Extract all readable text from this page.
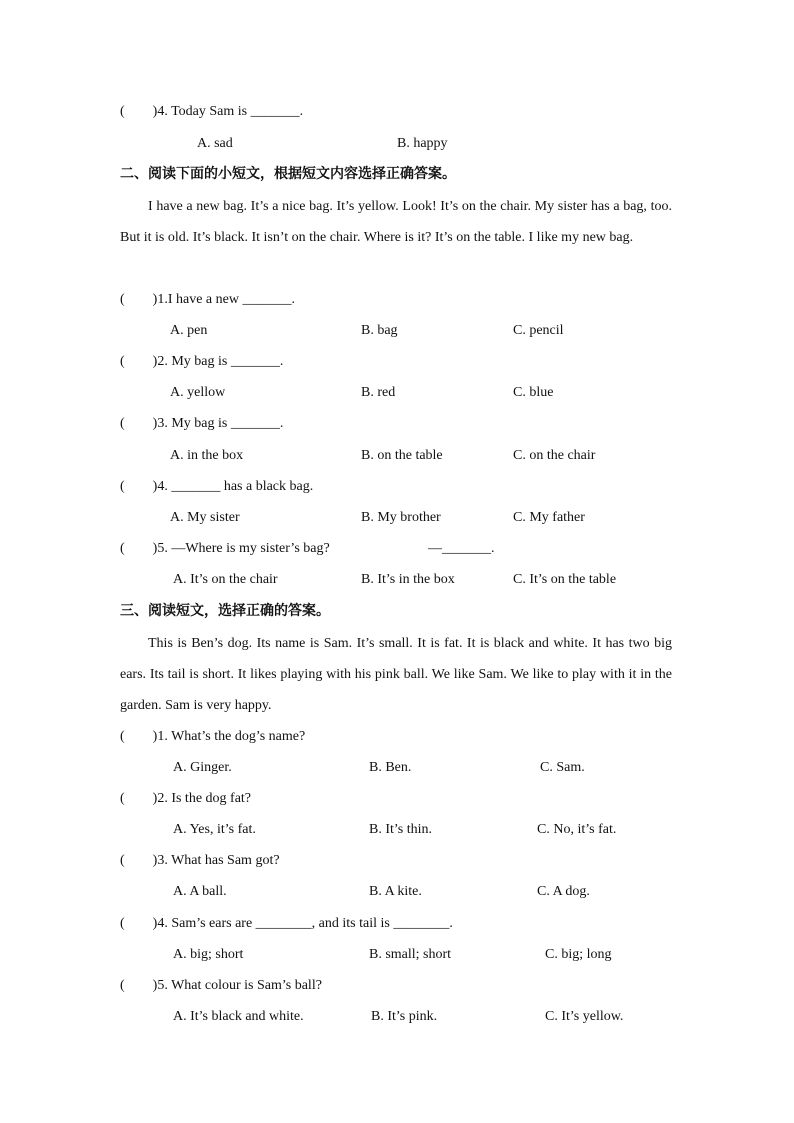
(　　)4. Today Sam is _______.
A. sad	B. happy
二、阅读下面的小短文，根据短文内容选择正确答案。
I have a new bag. It’s a nice bag. It’s yellow. Look! It’s on the chair. My sister has a bag, too. But it is old. It’s black. It isn’t on the chair. Where is it? It’s on the table. I like my new bag.
(　　)1.I have a new _______.
A. pen	B. bag	C. pencil
(　　)2. My bag is _______.
A. yellow	B. red	C. blue
(　　)3. My bag is _______.
A. in the box	B. on the table	C. on the chair
(　　)4. _______ has a black bag.
A. My sister	B. My brother	C. My father
(　　)5. —Where is my sister’s bag?	—_______.
A. It’s on the chair	B. It’s in the box	C. It’s on the table
三、阅读短文，选择正确的答案。
This is Ben’s dog. Its name is Sam. It’s small. It is fat. It is black and white. It has two big ears. Its tail is short. It likes playing with his pink ball. We like Sam. We like to play with it in the garden. Sam is very happy.
(　　)1. What’s the dog’s name?
A. Ginger.	B. Ben.	C. Sam.
(　　)2. Is the dog fat?
A. Yes, it’s fat.	B. It’s thin.	C. No, it’s fat.
(　　)3. What has Sam got?
A. A ball.	B. A kite.	C. A dog.
(　　)4. Sam’s ears are ________, and its tail is ________.
A. big; short	B. small; short	C. big; long
(　　)5. What colour is Sam’s ball?
A. It’s black and white.	B. It’s pink.	C. It’s yellow.
